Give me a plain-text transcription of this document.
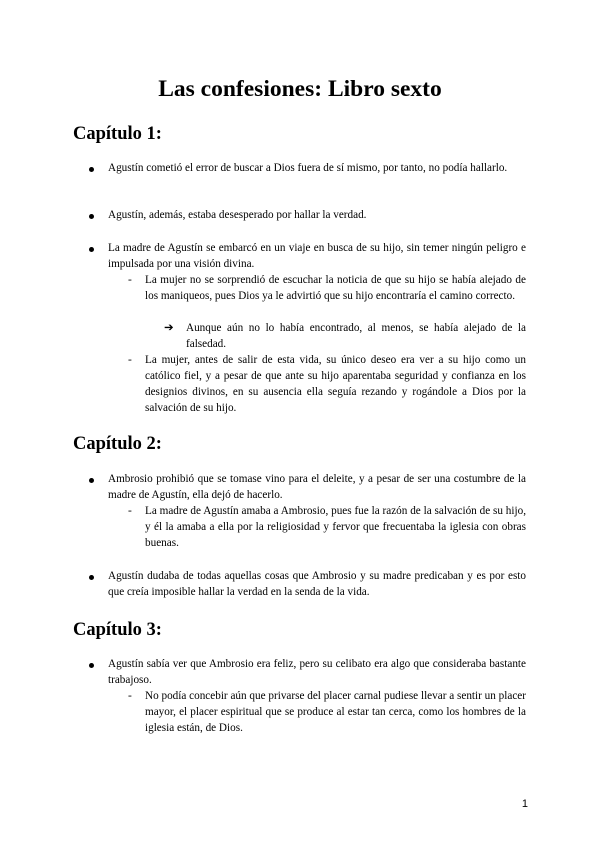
Las confesiones: Libro sexto
Capítulo 1:
Agustín cometió el error de buscar a Dios fuera de sí mismo, por tanto, no podía hallarlo.
Agustín, además, estaba desesperado por hallar la verdad.
La madre de Agustín se embarcó en un viaje en busca de su hijo, sin temer ningún peligro e impulsada por una visión divina.
- La mujer no se sorprendió de escuchar la noticia de que su hijo se había alejado de los maniqueos, pues Dios ya le advirtió que su hijo encontraría el camino correcto.
➔ Aunque aún no lo había encontrado, al menos, se había alejado de la falsedad.
- La mujer, antes de salir de esta vida, su único deseo era ver a su hijo como un católico fiel, y a pesar de que ante su hijo aparentaba seguridad y confianza en los designios divinos, en su ausencia ella seguía rezando y rogándole a Dios por la salvación de su hijo.
Capítulo 2:
Ambrosio prohibió que se tomase vino para el deleite, y a pesar de ser una costumbre de la madre de Agustín, ella dejó de hacerlo.
- La madre de Agustín amaba a Ambrosio, pues fue la razón de la salvación de su hijo, y él la amaba a ella por la religiosidad y fervor que frecuentaba la iglesia con obras buenas.
Agustín dudaba de todas aquellas cosas que Ambrosio y su madre predicaban y es por esto que creía imposible hallar la verdad en la senda de la vida.
Capítulo 3:
Agustín sabía ver que Ambrosio era feliz, pero su celibato era algo que consideraba bastante trabajoso.
- No podía concebir aún que privarse del placer carnal pudiese llevar a sentir un placer mayor, el placer espiritual que se produce al estar tan cerca, como los hombres de la iglesia están, de Dios.
1
